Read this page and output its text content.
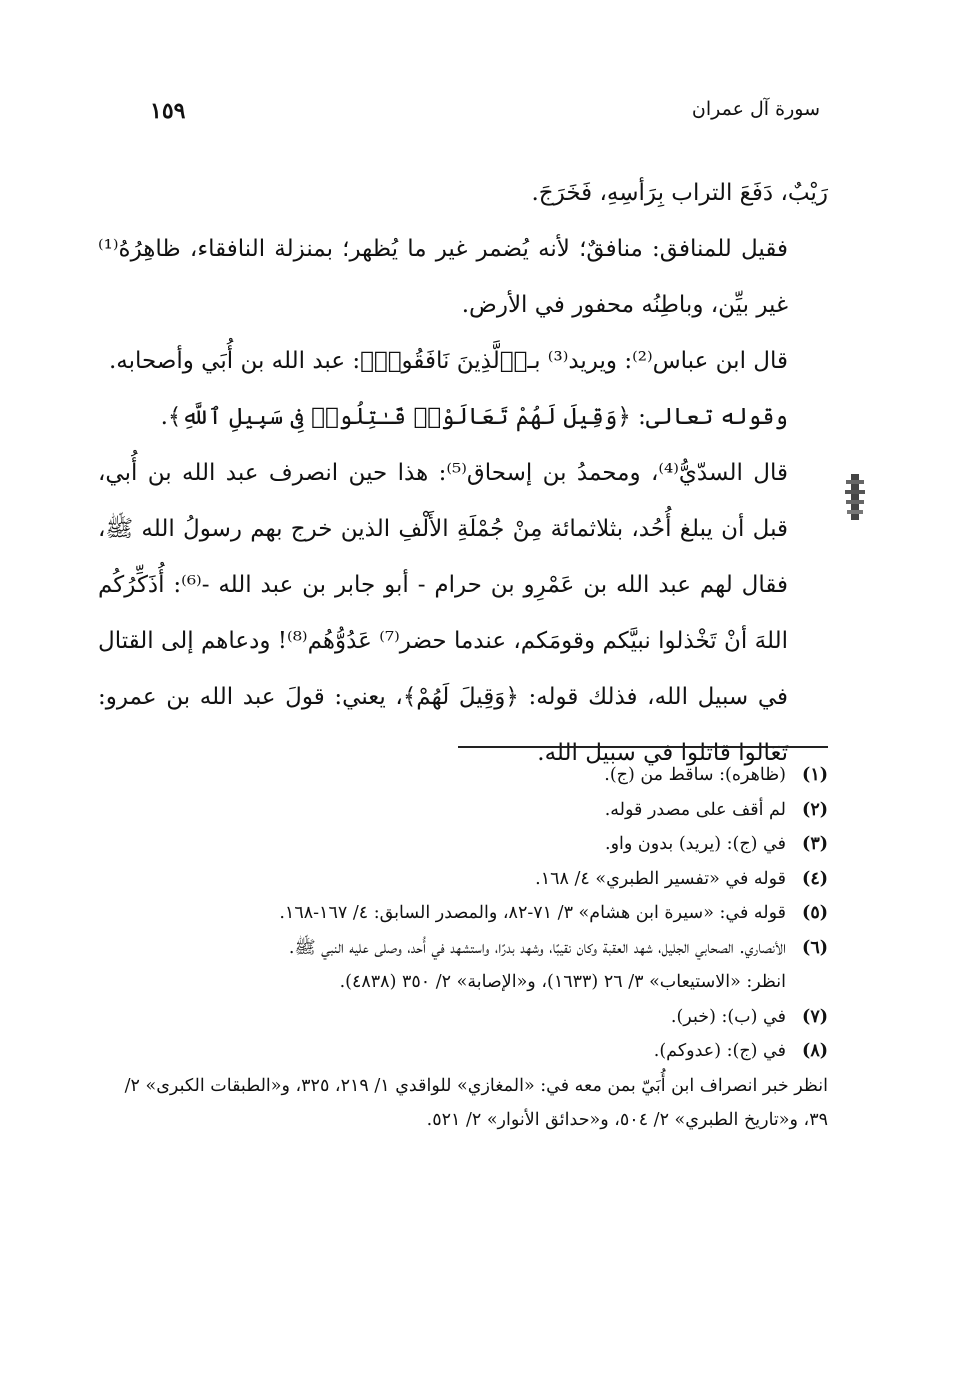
سورة آل عمران
١٥٩

رَيْبٌ، دَفَعَ التراب بِرَأسِهِ، فَخَرَجَ.

فقيل للمنافق: منافقٌ؛ لأنه يُضمر غير ما يُظهر؛ بمنزلة النافقاء، ظاهِرُهُ⁽¹⁾ غير بيِّن، وباطِنُه محفور في الأرض.

قال ابن عباس⁽²⁾: ويريد⁽³⁾ بـ﴿ٱلَّذِينَ نَافَقُوا۟﴾: عبد الله بن أُبَي وأصحابه.

وقوله تعالى: ﴿وَقِيلَ لَهُمْ تَعَالَوْا۟ قَـٰتِلُوا۟ فِى سَبِيلِ ٱللَّهِ﴾.

قال السدّيُّ⁽⁴⁾، ومحمدُ بن إسحاق⁽⁵⁾: هذا حين انصرف عبد الله بن أُبي، قبل أن يبلغ أُحُد، بثلاثمائة مِنْ جُمْلَةِ الأَلْفِ الذين خرج بهم رسولُ الله ﷺ، فقال لهم عبد الله بن عَمْرِو بن حرام - أبو جابر بن عبد الله -⁽⁶⁾: أُذَكِّرُكُم اللهَ أنْ تَخْذلوا نبيَّكم وقومَكم، عندما حضر⁽⁷⁾ عَدُوُّهُم⁽⁸⁾! ودعاهم إلى القتال في سبيل الله، فذلك قوله: ﴿وَقِيلَ لَهُمْ﴾، يعني: قولَ عبد الله بن عمرو: تَعَالوا قاتلوا في سبيل الله.

(١)
(ظاهره): ساقط من (ج).
(٢)
لم أقف على مصدر قوله.
(٣)
في (ج): (يريد) بدون واو.
(٤)
قوله في «تفسير الطبري» ٤/ ١٦٨.
(٥)
قوله في: «سيرة ابن هشام» ٣/ ٧١-٨٢، والمصدر السابق: ٤/ ١٦٧-١٦٨.
(٦)
الأنصاري. الصحابي الجليل، شهد العقبة وكان نقيبًا، وشهد بدرًا، واستشهد في أُحد، وصلى عليه النبي ﷺ.
انظر: «الاستيعاب» ٣/ ٢٦ (١٦٣٣)، و«الإصابة» ٢/ ٣٥٠ (٤٨٣٨).
(٧)
في (ب): (خبر).
(٨)
في (ج): (عدوكم).
انظر خبر انصراف ابن أُبَيّ بمن معه في: «المغازي» للواقدي ١/ ٢١٩، ٣٢٥، و«الطبقات الكبرى» ٢/ ٣٩، و«تاريخ الطبري» ٢/ ٥٠٤، و«حدائق الأنوار» ٢/ ٥٢١.
